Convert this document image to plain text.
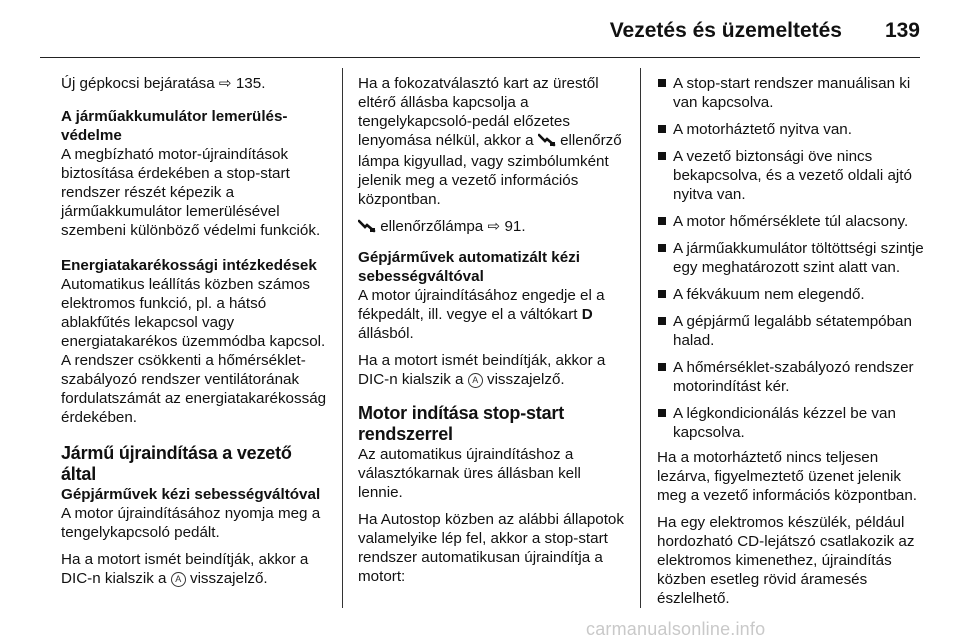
Vezetés és üzemeltetés 139

Új gépkocsi bejáratása ⇨ 135.

A járműakkumulátor lemerülés-védelme

A megbízható motor-újraindítások biztosítása érdekében a stop-start rendszer részét képezik a járműakkumulátor lemerülésével szembeni különböző védelmi funkciók.

Energiatakarékossági intézkedések

Automatikus leállítás közben számos elektromos funkció, pl. a hátsó ablakfűtés lekapcsol vagy energiatakarékos üzemmódba kapcsol. A rendszer csökkenti a hőmérséklet-szabályozó rendszer ventilátorának fordulatszámát az energiatakarékosság érdekében.

Jármű újraindítása a vezető által

Gépjárművek kézi sebességváltóval

A motor újraindításához nyomja meg a tengelykapcsoló pedált.

Ha a motort ismét beindítják, akkor a DIC-n kialszik a A visszajelző.

Ha a fokozatválasztó kart az ürestől eltérő állásba kapcsolja a tengelykapcsoló-pedál előzetes lenyomása nélkül, akkor a ellenőrző lámpa kigyullad, vagy szimbólumként jelenik meg a vezető információs központban.

ellenőrzőlámpa ⇨ 91.

Gépjárművek automatizált kézi sebességváltóval

A motor újraindításához engedje el a fékpedált, ill. vegye el a váltókart D állásból.

Ha a motort ismét beindítják, akkor a DIC-n kialszik a A visszajelző.

Motor indítása stop-start rendszerrel

Az automatikus újraindításhoz a választókarnak üres állásban kell lennie.

Ha Autostop közben az alábbi állapotok valamelyike lép fel, akkor a stop-start rendszer automatikusan újraindítja a motort:

A stop-start rendszer manuálisan ki van kapcsolva.
A motorháztető nyitva van.
A vezető biztonsági öve nincs bekapcsolva, és a vezető oldali ajtó nyitva van.
A motor hőmérséklete túl alacsony.
A járműakkumulátor töltöttségi szintje egy meghatározott szint alatt van.
A fékvákuum nem elegendő.
A gépjármű legalább sétatempóban halad.
A hőmérséklet-szabályozó rendszer motorindítást kér.
A légkondicionálás kézzel be van kapcsolva.

Ha a motorháztető nincs teljesen lezárva, figyelmeztető üzenet jelenik meg a vezető információs központban.

Ha egy elektromos készülék, például hordozható CD-lejátszó csatlakozik az elektromos kimenethez, újraindítás közben esetleg rövid áramesés észlelhető.

carmanualsonline.info
